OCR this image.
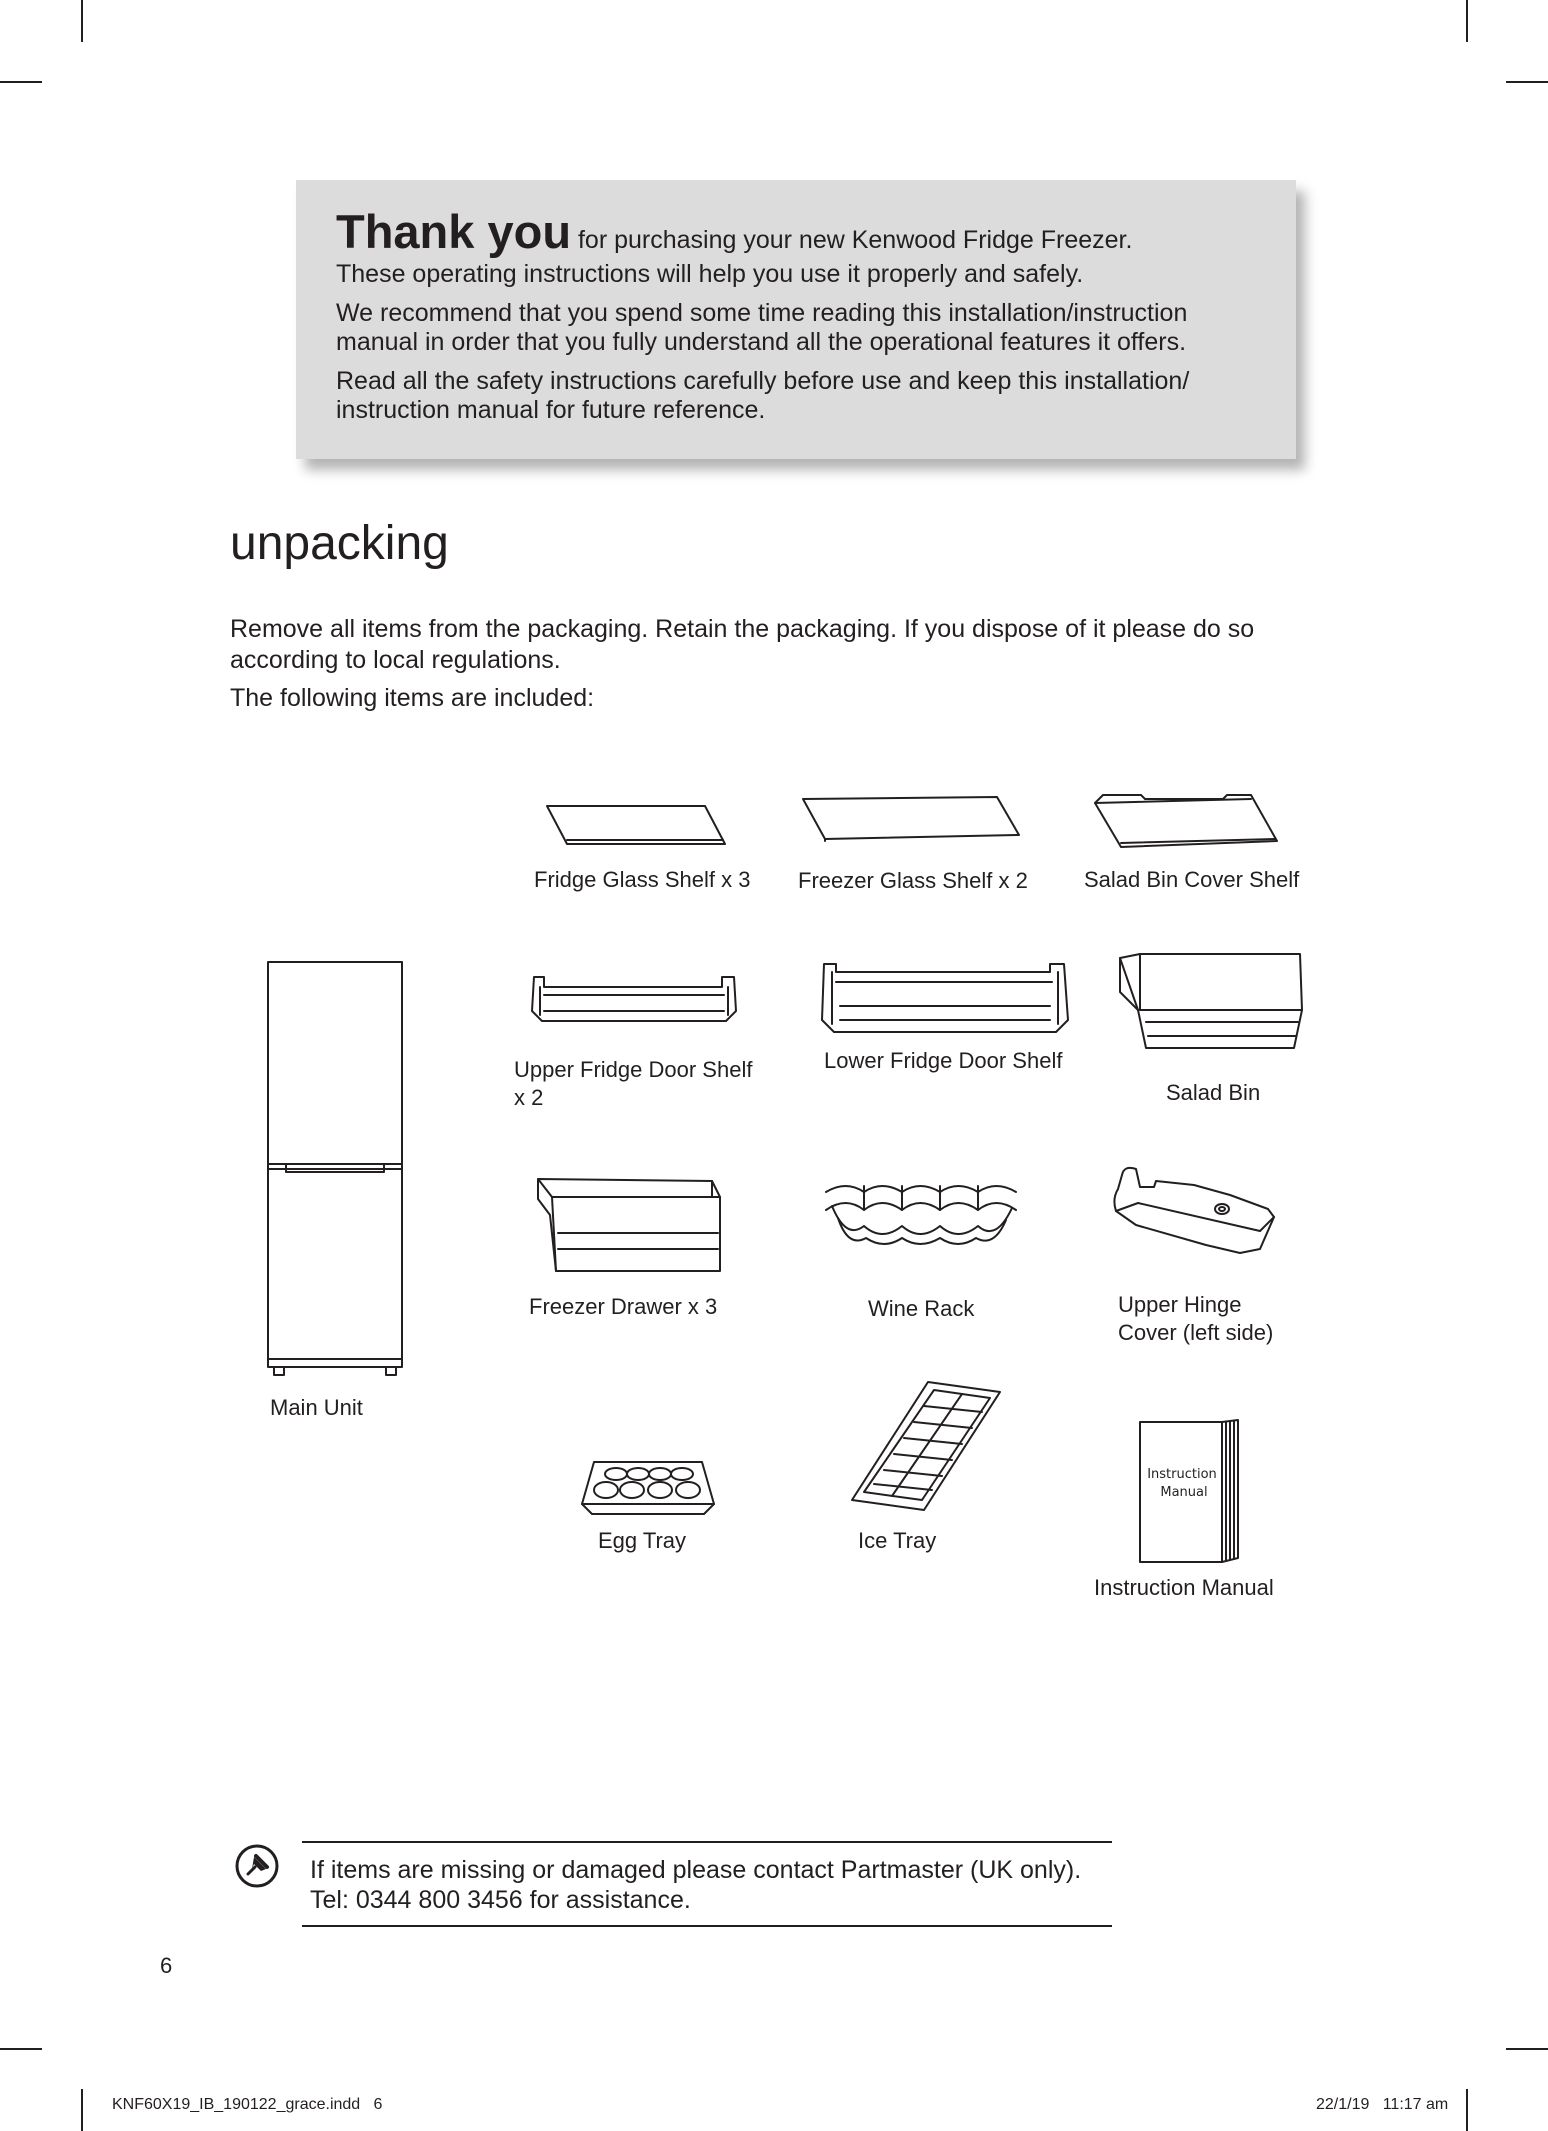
Thank you for purchasing your new Kenwood Fridge Freezer.

These operating instructions will help you use it properly and safely.

We recommend that you spend some time reading this installation/instruction manual in order that you fully understand all the operational features it offers.

Read all the safety instructions carefully before use and keep this installation/ instruction manual for future reference.

unpacking

Remove all items from the packaging. Retain the packaging. If you dispose of it please do so according to local regulations.

The following items are included:

Main Unit
Fridge Glass Shelf x 3 Freezer Glass Shelf x 2	Salad Bin Cover Shelf
Upper Fridge Door Shelf
x 2
Lower Fridge Door Shelf
Salad Bin
Freezer Drawer x 3	Wine Rack	Upper Hinge
Cover (left side)
Egg Tray	Ice Tray
Instruction
Manual
Instruction Manual
If items are missing or damaged please contact Partmaster (UK only).
Tel: 0344 800 3456 for assistance.
6
KNF60X19_IB_190122_grace.indd   6	22/1/19   11:17 am
